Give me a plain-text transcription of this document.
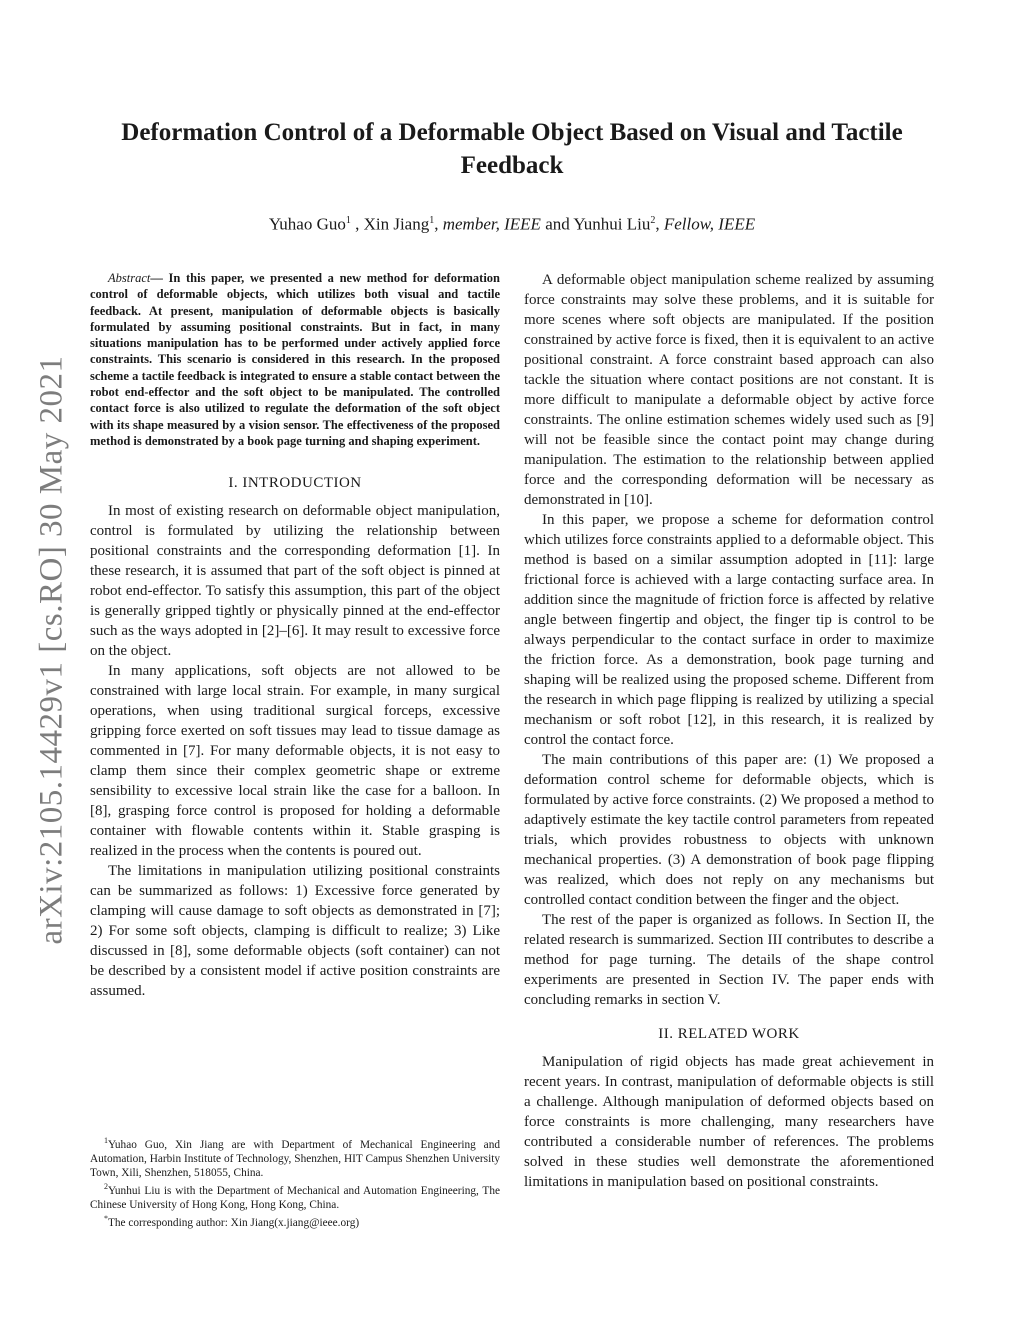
arXiv:2105.14429v1 [cs.RO] 30 May 2021
Deformation Control of a Deformable Object Based on Visual and Tactile Feedback
Yuhao Guo$^1$ , Xin Jiang$^1$, member, IEEE and Yunhui Liu$^2$, Fellow, IEEE

Abstract— In this paper, we presented a new method for deformation control of deformable objects, which utilizes both visual and tactile feedback. At present, manipulation of deformable objects is basically formulated by assuming positional constraints. But in fact, in many situations manipulation has to be performed under actively applied force constraints. This scenario is considered in this research. In the proposed scheme a tactile feedback is integrated to ensure a stable contact between the robot end-effector and the soft object to be manipulated. The controlled contact force is also utilized to regulate the deformation of the soft object with its shape measured by a vision sensor. The effectiveness of the proposed method is demonstrated by a book page turning and shaping experiment.

I. INTRODUCTION

In most of existing research on deformable object manipulation, control is formulated by utilizing the relationship between positional constraints and the corresponding deformation [1]. In these research, it is assumed that part of the soft object is pinned at robot end-effector. To satisfy this assumption, this part of the object is generally gripped tightly or physically pinned at the end-effector such as the ways adopted in [2]–[6]. It may result to excessive force on the object.

In many applications, soft objects are not allowed to be constrained with large local strain. For example, in many surgical operations, when using traditional surgical forceps, excessive gripping force exerted on soft tissues may lead to tissue damage as commented in [7]. For many deformable objects, it is not easy to clamp them since their complex geometric shape or extreme sensibility to excessive local strain like the case for a balloon. In [8], grasping force control is proposed for holding a deformable container with flowable contents within it. Stable grasping is realized in the process when the contents is poured out.

The limitations in manipulation utilizing positional constraints can be summarized as follows: 1) Excessive force generated by clamping will cause damage to soft objects as demonstrated in [7]; 2) For some soft objects, clamping is difficult to realize; 3) Like discussed in [8], some deformable objects (soft container) can not be described by a consistent model if active position constraints are assumed.

A deformable object manipulation scheme realized by assuming force constraints may solve these problems, and it is suitable for more scenes where soft objects are manipulated. If the position constrained by active force is fixed, then it is equivalent to an active positional constraint. A force constraint based approach can also tackle the situation where contact positions are not constant. It is more difficult to manipulate a deformable object by active force constraints. The online estimation schemes widely used such as [9] will not be feasible since the contact point may change during manipulation. The estimation to the relationship between applied force and the corresponding deformation will be necessary as demonstrated in [10].

In this paper, we propose a scheme for deformation control which utilizes force constraints applied to a deformable object. This method is based on a similar assumption adopted in [11]: large frictional force is achieved with a large contacting surface area. In addition since the magnitude of friction force is affected by relative angle between fingertip and object, the finger tip is control to be always perpendicular to the contact surface in order to maximize the friction force. As a demonstration, book page turning and shaping will be realized using the proposed scheme. Different from the research in which page flipping is realized by utilizing a special mechanism or soft robot [12], in this research, it is realized by control the contact force.

The main contributions of this paper are: (1) We proposed a deformation control scheme for deformable objects, which is formulated by active force constraints. (2) We proposed a method to adaptively estimate the key tactile control parameters from repeated trials, which provides robustness to objects with unknown mechanical properties. (3) A demonstration of book page flipping was realized, which does not reply on any mechanisms but controlled contact condition between the finger and the object.

The rest of the paper is organized as follows. In Section II, the related research is summarized. Section III contributes to describe a method for page turning. The details of the shape control experiments are presented in Section IV. The paper ends with concluding remarks in section V.

II. RELATED WORK

Manipulation of rigid objects has made great achievement in recent years. In contrast, manipulation of deformable objects is still a challenge. Although manipulation of deformed objects based on force constraints is more challenging, many researchers have contributed a considerable number of references. The problems solved in these studies well demonstrate the aforementioned limitations in manipulation based on positional constraints.

$^1$Yuhao Guo, Xin Jiang are with Department of Mechanical Engineering and Automation, Harbin Institute of Technology, Shenzhen, HIT Campus Shenzhen University Town, Xili, Shenzhen, 518055, China.

$^2$Yunhui Liu is with the Department of Mechanical and Automation Engineering, The Chinese University of Hong Kong, Hong Kong, China.

*The corresponding author: Xin Jiang(x.jiang@ieee.org)
